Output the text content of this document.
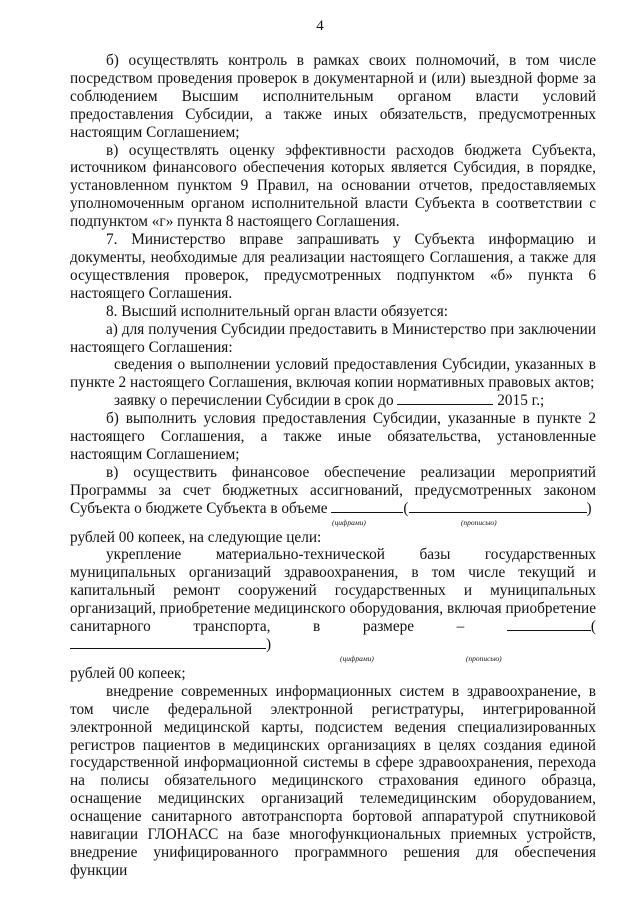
4

б) осуществлять контроль в рамках своих полномочий, в том числе посредством проведения проверок в документарной и (или) выездной форме за соблюдением Высшим исполнительным органом власти условий предоставления Субсидии, а также иных обязательств, предусмотренных настоящим Соглашением;

в) осуществлять оценку эффективности расходов бюджета Субъекта, источником финансового обеспечения которых является Субсидия, в порядке, установленном пунктом 9 Правил, на основании отчетов, предоставляемых уполномоченным органом исполнительной власти Субъекта в соответствии с подпунктом «г» пункта 8 настоящего Соглашения.

7. Министерство вправе запрашивать у Субъекта информацию и документы, необходимые для реализации настоящего Соглашения, а также для осуществления проверок, предусмотренных подпунктом «б» пункта 6 настоящего Соглашения.

8. Высший исполнительный орган власти обязуется:

а) для получения Субсидии предоставить в Министерство при заключении настоящего Соглашения:

сведения о выполнении условий предоставления Субсидии, указанных в пункте 2 настоящего Соглашения, включая копии нормативных правовых актов;

заявку о перечислении Субсидии в срок до	2015 г.;

б) выполнить условия предоставления Субсидии, указанные в пункте 2 настоящего Соглашения, а также иные обязательства, установленные настоящим Соглашением;

в) осуществить финансовое обеспечение реализации мероприятий Программы за счет бюджетных ассигнований, предусмотренных законом Субъекта о бюджете Субъекта в объеме	(	)

(цифрами)	(прописью)

рублей 00 копеек, на следующие цели:

укрепление материально-технической базы государственных муниципальных организаций здравоохранения, в том числе текущий и капитальный ремонт сооружений государственных и муниципальных организаций, приобретение медицинского оборудования, включая приобретение санитарного транспорта, в размере –	()

(цифрами)	(прописью)

рублей 00 копеек;

внедрение современных информационных систем в здравоохранение, в том числе федеральной электронной регистратуры, интегрированной электронной медицинской карты, подсистем ведения специализированных регистров пациентов в медицинских организациях в целях создания единой государственной информационной системы в сфере здравоохранения, перехода на полисы обязательного медицинского страхования единого образца, оснащение медицинских организаций телемедицинским оборудованием, оснащение санитарного автотранспорта бортовой аппаратурой спутниковой навигации ГЛОНАСС на базе многофункциональных приемных устройств, внедрение унифицированного программного решения для обеспечения функции
